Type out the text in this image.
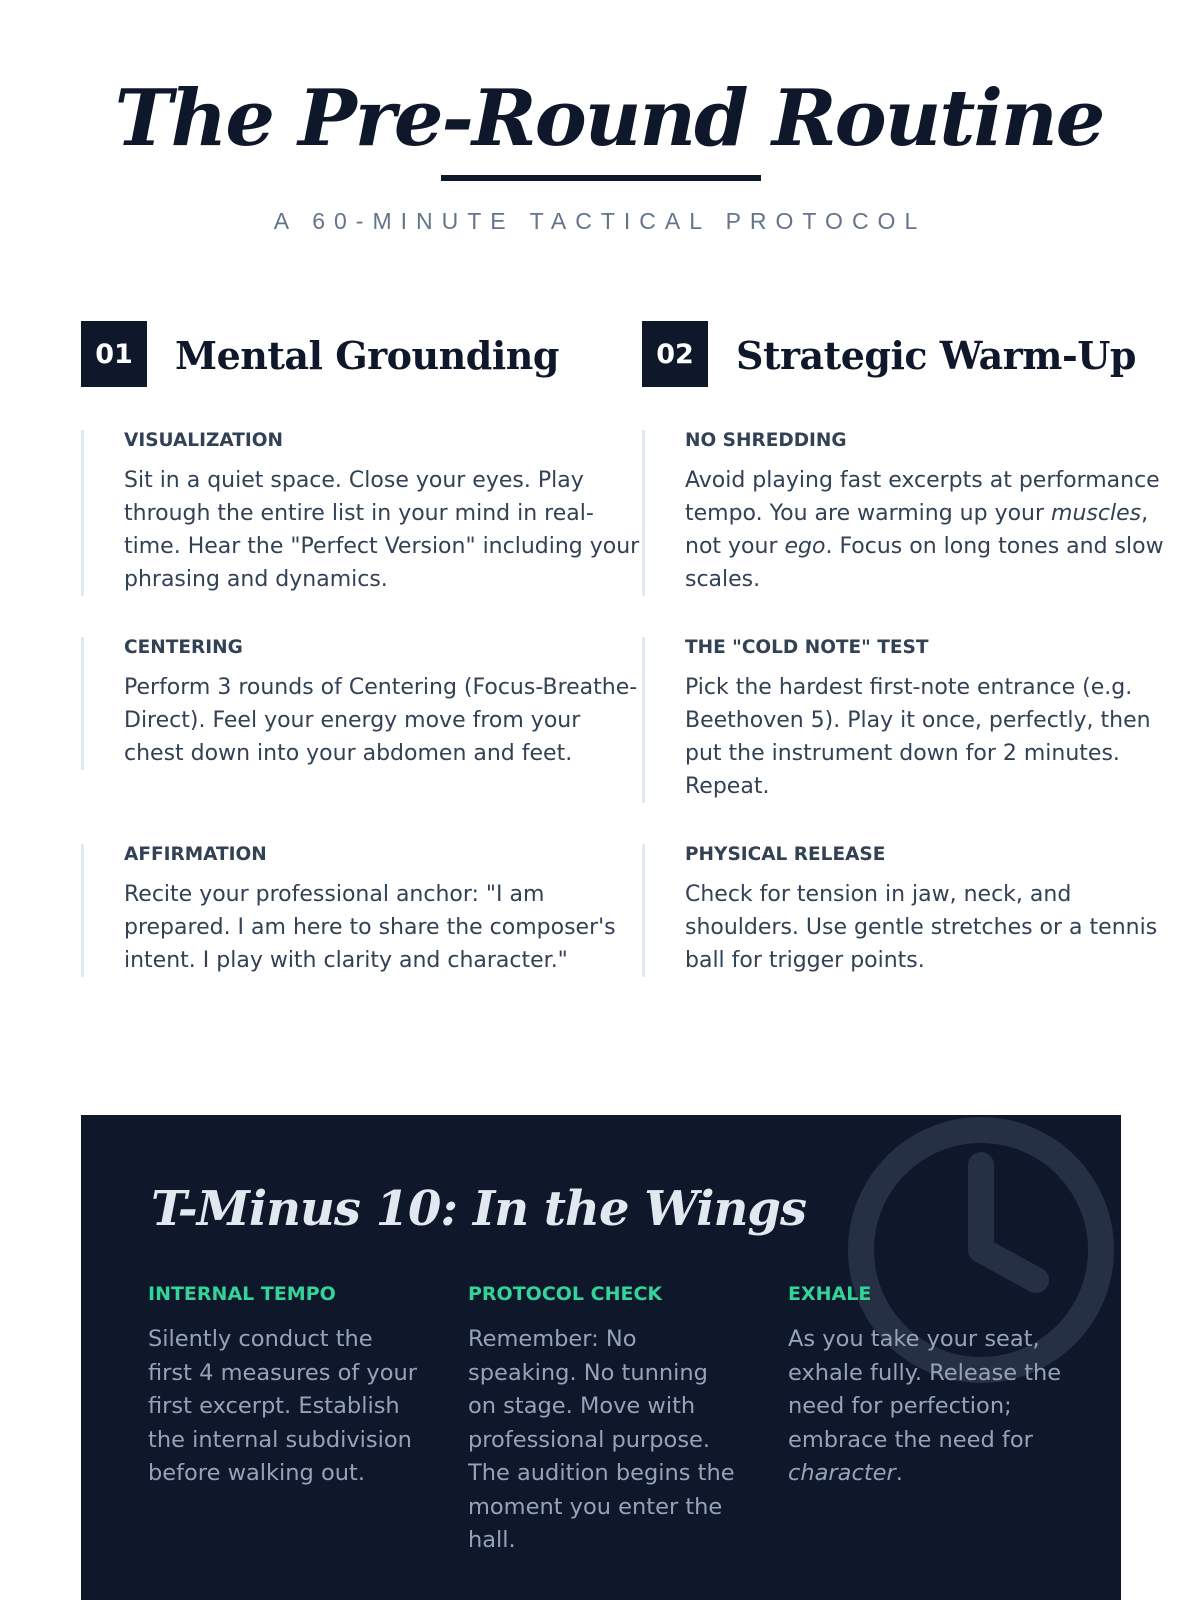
The Pre-Round Routine
A 60-MINUTE TACTICAL PROTOCOL
01	Mental Grounding
VISUALIZATION
Sit in a quiet space. Close your eyes. Play through the entire list in your mind in real-time. Hear the "Perfect Version" including your phrasing and dynamics.
CENTERING
Perform 3 rounds of Centering (Focus-Breathe-Direct). Feel your energy move from your chest down into your abdomen and feet.
AFFIRMATION
Recite your professional anchor: "I am prepared. I am here to share the composer's intent. I play with clarity and character."
02	Strategic Warm-Up
NO SHREDDING
Avoid playing fast excerpts at performance tempo. You are warming up your muscles, not your ego. Focus on long tones and slow scales.
THE "COLD NOTE" TEST
Pick the hardest first-note entrance (e.g. Beethoven 5). Play it once, perfectly, then put the instrument down for 2 minutes. Repeat.
PHYSICAL RELEASE
Check for tension in jaw, neck, and shoulders. Use gentle stretches or a tennis ball for trigger points.
T-Minus 10: In the Wings
INTERNAL TEMPO
Silently conduct the first 4 measures of your first excerpt. Establish the internal subdivision before walking out.
PROTOCOL CHECK
Remember: No speaking. No tunning on stage. Move with professional purpose. The audition begins the moment you enter the hall.
EXHALE
As you take your seat, exhale fully. Release the need for perfection; embrace the need for character.
